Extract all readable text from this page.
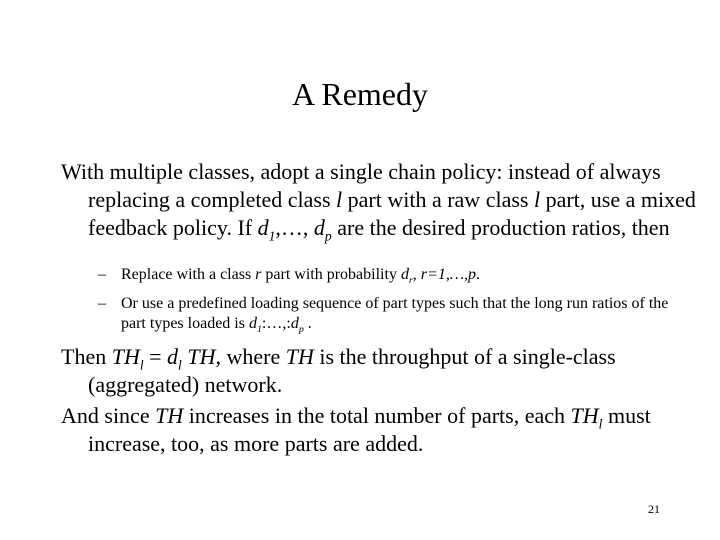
A Remedy

With multiple classes, adopt a single chain policy: instead of always replacing a completed class l part with a raw class l part, use a mixed feedback policy. If $d_1,\dots$, $d_p$ are the desired production ratios, then

– Replace with a class r part with probability $d_r$, r=1,…,p.

– Or use a predefined loading sequence of part types such that the long run ratios of the part types loaded is $d_1:\dots,:d_p$ .

Then $TH_l = d_l$ TH, where TH is the throughput of a single-class (aggregated) network.

And since TH increases in the total number of parts, each $TH_l$ must increase, too, as more parts are added.

21
